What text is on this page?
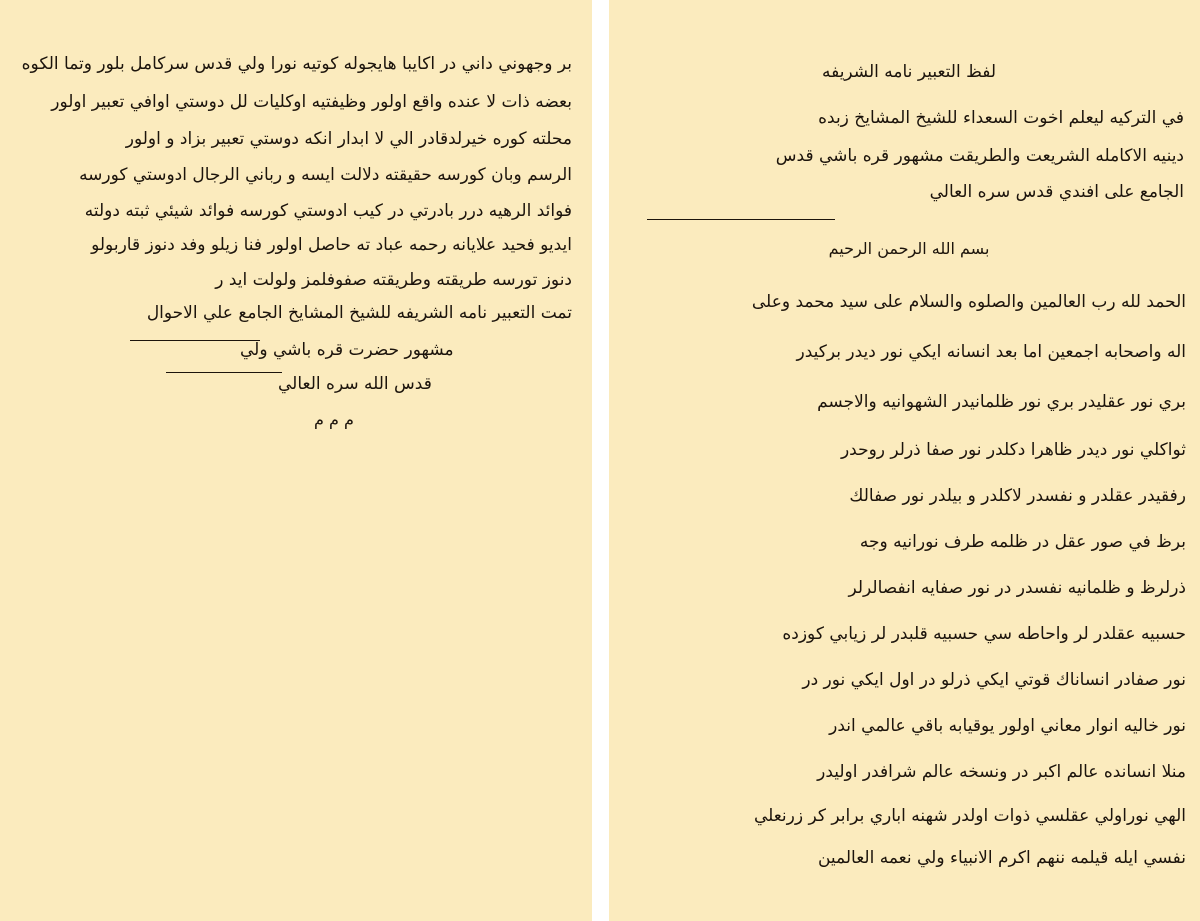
لفظ التعبير نامه الشريفه

في التركيه ليعلم اخوت السعداء للشيخ المشايخ زبده

دينيه الاكامله الشريعت والطريقت مشهور قره باشي قدس

الجامع على افندي قدس سره العالي

بسم الله الرحمن الرحيم

الحمد لله رب العالمين والصلوه والسلام على سيد محمد وعلى

اله واصحابه اجمعين اما بعد انسانه ايكي نور ديدر بركيدر

بري نور عقليدر بري نور ظلمانيدر الشهوانيه والاجسم

ثواكلي نور ديدر ظاهرا دكلدر نور صفا ذرلر روحدر

رفقيدر عقلدر و نفسدر لاكلدر و بيلدر نور صفالك

برظ في صور عقل در ظلمه طرف نورانيه وجه

ذرلرظ و ظلمانيه نفسدر در نور صفايه انفصالرلر

حسبيه عقلدر لر واحاطه سي حسبيه قلبدر لر زيابي كوزده

نور صفادر انساناك قوتي ايكي ذرلو در اول ايكي نور در

نور خاليه انوار معاني اولور يوقيابه باقي عالمي اندر

منلا انسانده عالم اكبر در ونسخه عالم شرافدر اوليدر

الهي نوراولي عقلسي ذوات اولدر شهنه اباري برابر كر زرنعلي

نفسي ايله قيلمه ننهم اكرم الانبياء ولي نعمه العالمين

بر وجهوني داني در اكايبا هايجوله كوتيه نورا ولي قدس سركامل بلور وتما الكوه

بعضه ذات لا عنده واقع اولور وظيفتيه اوكليات لل دوستي اوافي تعبير اولور

محلته كوره خيرلدقادر الي لا ابدار انكه دوستي تعبير بزاد و اولور

الرسم وبان كورسه حقيقته دلالت ايسه و رباني الرجال ادوستي كورسه

فوائد الرهيه درر بادرتي در كيب ادوستي كورسه فوائد شيئي ثبته دولته

ايديو فحيد علايانه رحمه عباد ته حاصل اولور فنا زيلو وفد دنوز قاربولو

دنوز تورسه طريقته وطريقته صفوفلمز ولولت ايد ر

تمت التعبير نامه الشريفه للشيخ المشايخ الجامع علي الاحوال

مشهور حضرت قره باشي ولي

قدس الله سره العالي

م م م
